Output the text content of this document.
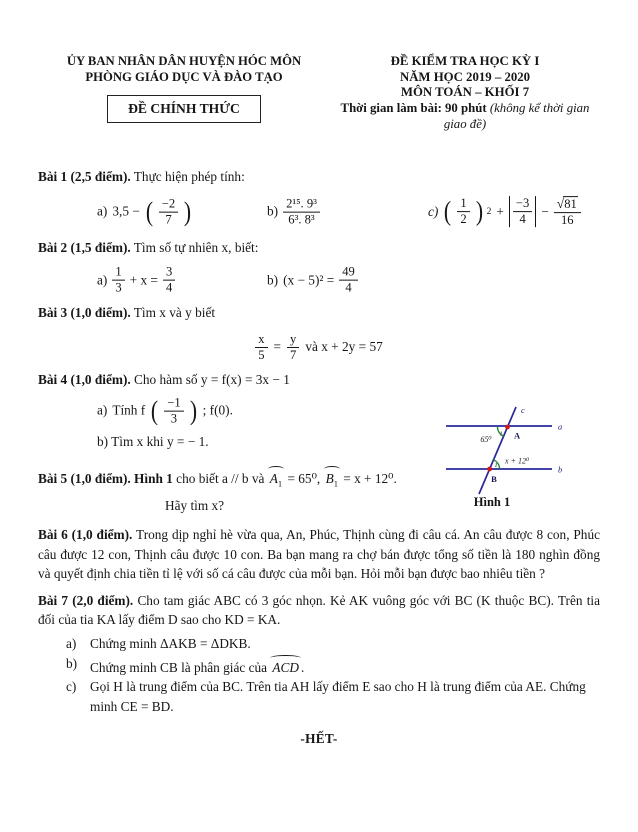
ỦY BAN NHÂN DÂN HUYỆN HÓC MÔN
PHÒNG GIÁO DỤC VÀ ĐÀO TẠO
ĐỀ CHÍNH THỨC
ĐỀ KIỂM TRA HỌC KỲ I
NĂM HỌC 2019 – 2020
MÔN TOÁN – KHỐI 7
Thời gian làm bài: 90 phút (không kể thời gian giao đề)

Bài 1 (2,5 điểm). Thực hiện phép tính:

a) 3,5 − ( $\frac{-2}{7}$ )	$b) \frac{\text{2¹⁵. 9³}}{\text{6³. 8³}}$	c) ( $\frac{1}{2}$ ) $2 + \frac{-3}{4} - \frac{√ 81}{16}$

Bài 2 (1,5 điểm). Tìm số tự nhiên x, biết:

$a) \frac{1}{3} + x = \frac{3}{4}$	b) $(x - 5)^2 = \frac{49}{4}$

Bài 3 (1,0 điểm). Tìm x và y biết

$\frac{x}{5} = \frac{y}{7}$ và x + 2y = 57

Bài 4 (1,0 điểm). Cho hàm số y = f(x) = 3x − 1

a) Tính f ( $\frac{-1}{3}$ ) ; f(0).

b) Tìm x khi y = − 1.

Bài 5 (1,0 điểm). Hình 1 cho biết a // b và $A_1 = 65^0$, $B_1 = x + 12^0$.

Hãy tìm x?

a
b
c
65⁰
1 A
x + 12⁰
1
B
Hình 1

Bài 6 (1,0 điểm). Trong dịp nghỉ hè vừa qua, An, Phúc, Thịnh cùng đi câu cá. An câu được 8 con, Phúc câu được 12 con, Thịnh câu được 10 con. Ba bạn mang ra chợ bán được tổng số tiền là 180 nghìn đồng và quyết định chia tiền tỉ lệ với số cá câu được của mỗi bạn. Hỏi mỗi bạn được bao nhiêu tiền ?

Bài 7 (2,0 điểm). Cho tam giác ABC có 3 góc nhọn. Kẻ AK vuông góc với BC (K thuộc BC). Trên tia đối của tia KA lấy điểm D sao cho KD = KA.

a) Chứng minh ΔAKB = ΔDKB.
b) Chứng minh CB là phân giác của ACD .
c) Gọi H là trung điểm của BC. Trên tia AH lấy điểm E sao cho H là trung điểm của AE. Chứng minh CE = BD.

-HẾT-
